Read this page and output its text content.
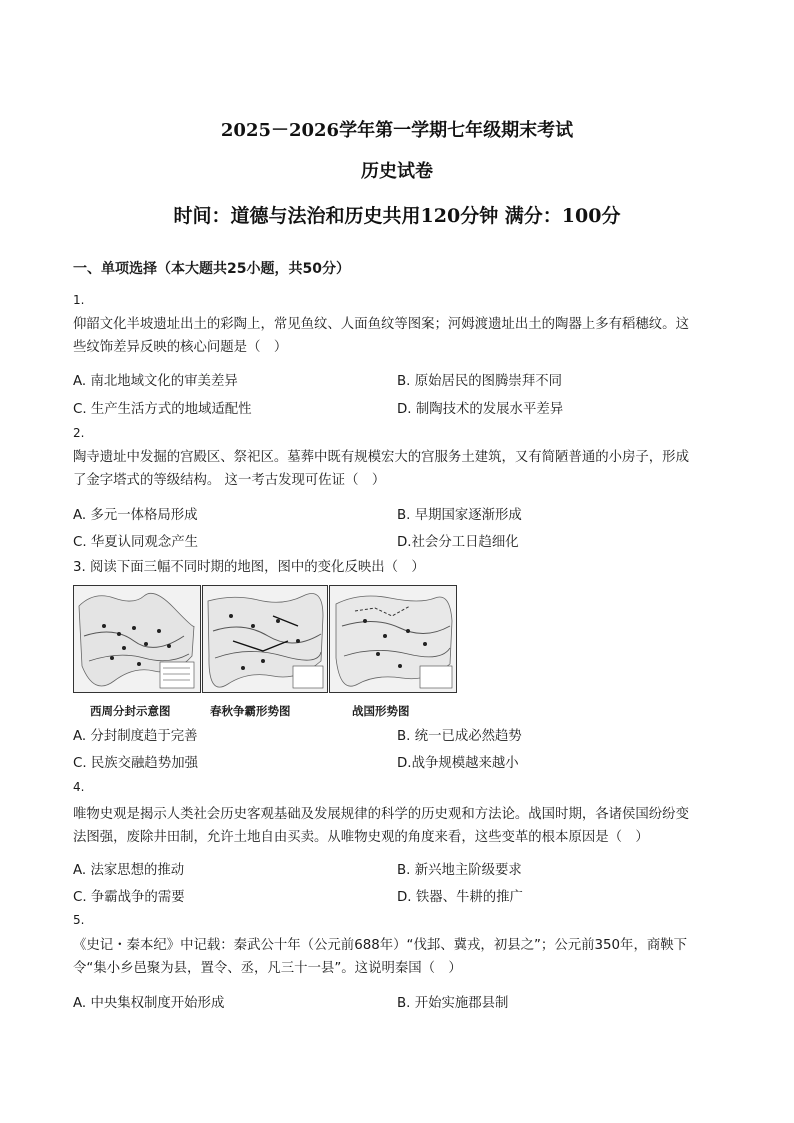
2025－2026学年第一学期七年级期末考试
历史试卷
时间：道德与法治和历史共用120分钟 满分：100分
一、单项选择（本大题共25小题，共50分）
1.
仰韶文化半坡遗址出土的彩陶上，常见鱼纹、人面鱼纹等图案；河姆渡遗址出土的陶器上多有稻穗纹。这
些纹饰差异反映的核心问题是（　）
A. 南北地域文化的审美差异	B. 原始居民的图腾崇拜不同
C. 生产生活方式的地域适配性	D. 制陶技术的发展水平差异
2.
陶寺遗址中发掘的宫殿区、祭祀区。墓葬中既有规模宏大的宫服务土建筑，又有简陋普通的小房子，形成
了金字塔式的等级结构。 这一考古发现可佐证（　）
A. 多元一体格局形成	B. 早期国家逐渐形成
C. 华夏认同观念产生	D.社会分工日趋细化
3. 阅读下面三幅不同时期的地图，图中的变化反映出（　）
西周分封示意图	春秋争霸形势图	战国形势图
A. 分封制度趋于完善	B. 统一已成必然趋势
C. 民族交融趋势加强	D.战争规模越来越小
4.
唯物史观是揭示人类社会历史客观基础及发展规律的科学的历史观和方法论。战国时期，各诸侯国纷纷变
法图强，废除井田制，允许土地自由买卖。从唯物史观的角度来看，这些变革的根本原因是（　）
A. 法家思想的推动	B. 新兴地主阶级要求
C. 争霸战争的需要	D. 铁器、牛耕的推广
5.
《史记・秦本纪》中记载：秦武公十年（公元前688年）“伐邽、冀戎，初县之”；公元前350年，商鞅下
令“集小乡邑聚为县，置令、丞，凡三十一县”。这说明秦国（　）
A. 中央集权制度开始形成	B. 开始实施郡县制
